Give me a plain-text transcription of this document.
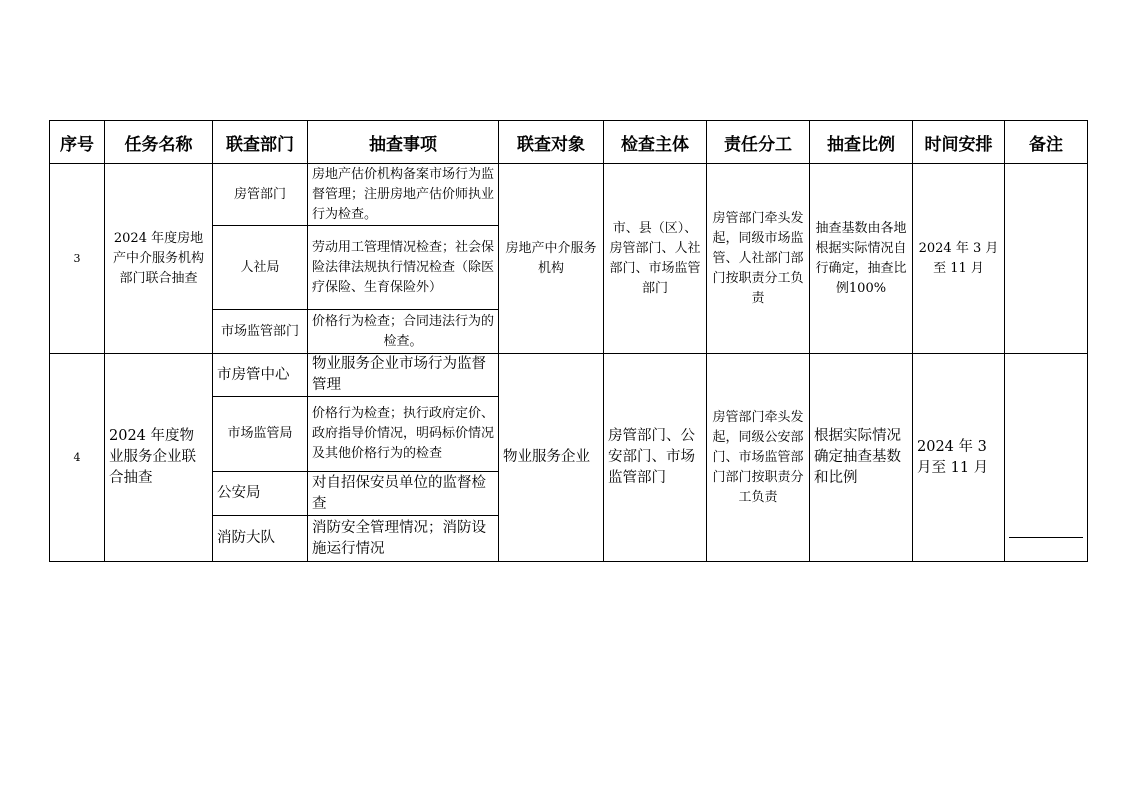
序号	任务名称	联查部门	抽查事项	联查对象	检查主体	责任分工	抽查比例	时间安排	备注
3	2024 年度房地产中介服务机构部门联合抽查	房管部门	房地产估价机构备案市场行为监督管理；注册房地产估价师执业行为检查。	房地产中介服务机构	市、县（区）、房管部门、人社部门、市场监管部门	房管部门牵头发起，同级市场监管、人社部门部门按职责分工负责	抽查基数由各地根据实际情况自行确定，抽查比例100%	2024 年 3 月至 11 月	
		人社局	劳动用工管理情况检查；社会保险法律法规执行情况检查（除医疗保险、生育保险外）						
		市场监管部门	价格行为检查；合同违法行为的检查。						
4	2024 年度物业服务企业联合抽查	市房管中心	物业服务企业市场行为监督管理	物业服务企业	房管部门、公安部门、市场监管部门	房管部门牵头发起，同级公安部门、市场监管部门部门按职责分工负责	根据实际情况确定抽查基数和比例	2024 年 3 月至 11 月	

		市场监管局	价格行为检查；执行政府定价、政府指导价情况，明码标价情况及其他价格行为的检查						
		公安局	对自招保安员单位的监督检查						
		消防大队	消防安全管理情况；消防设施运行情况						
